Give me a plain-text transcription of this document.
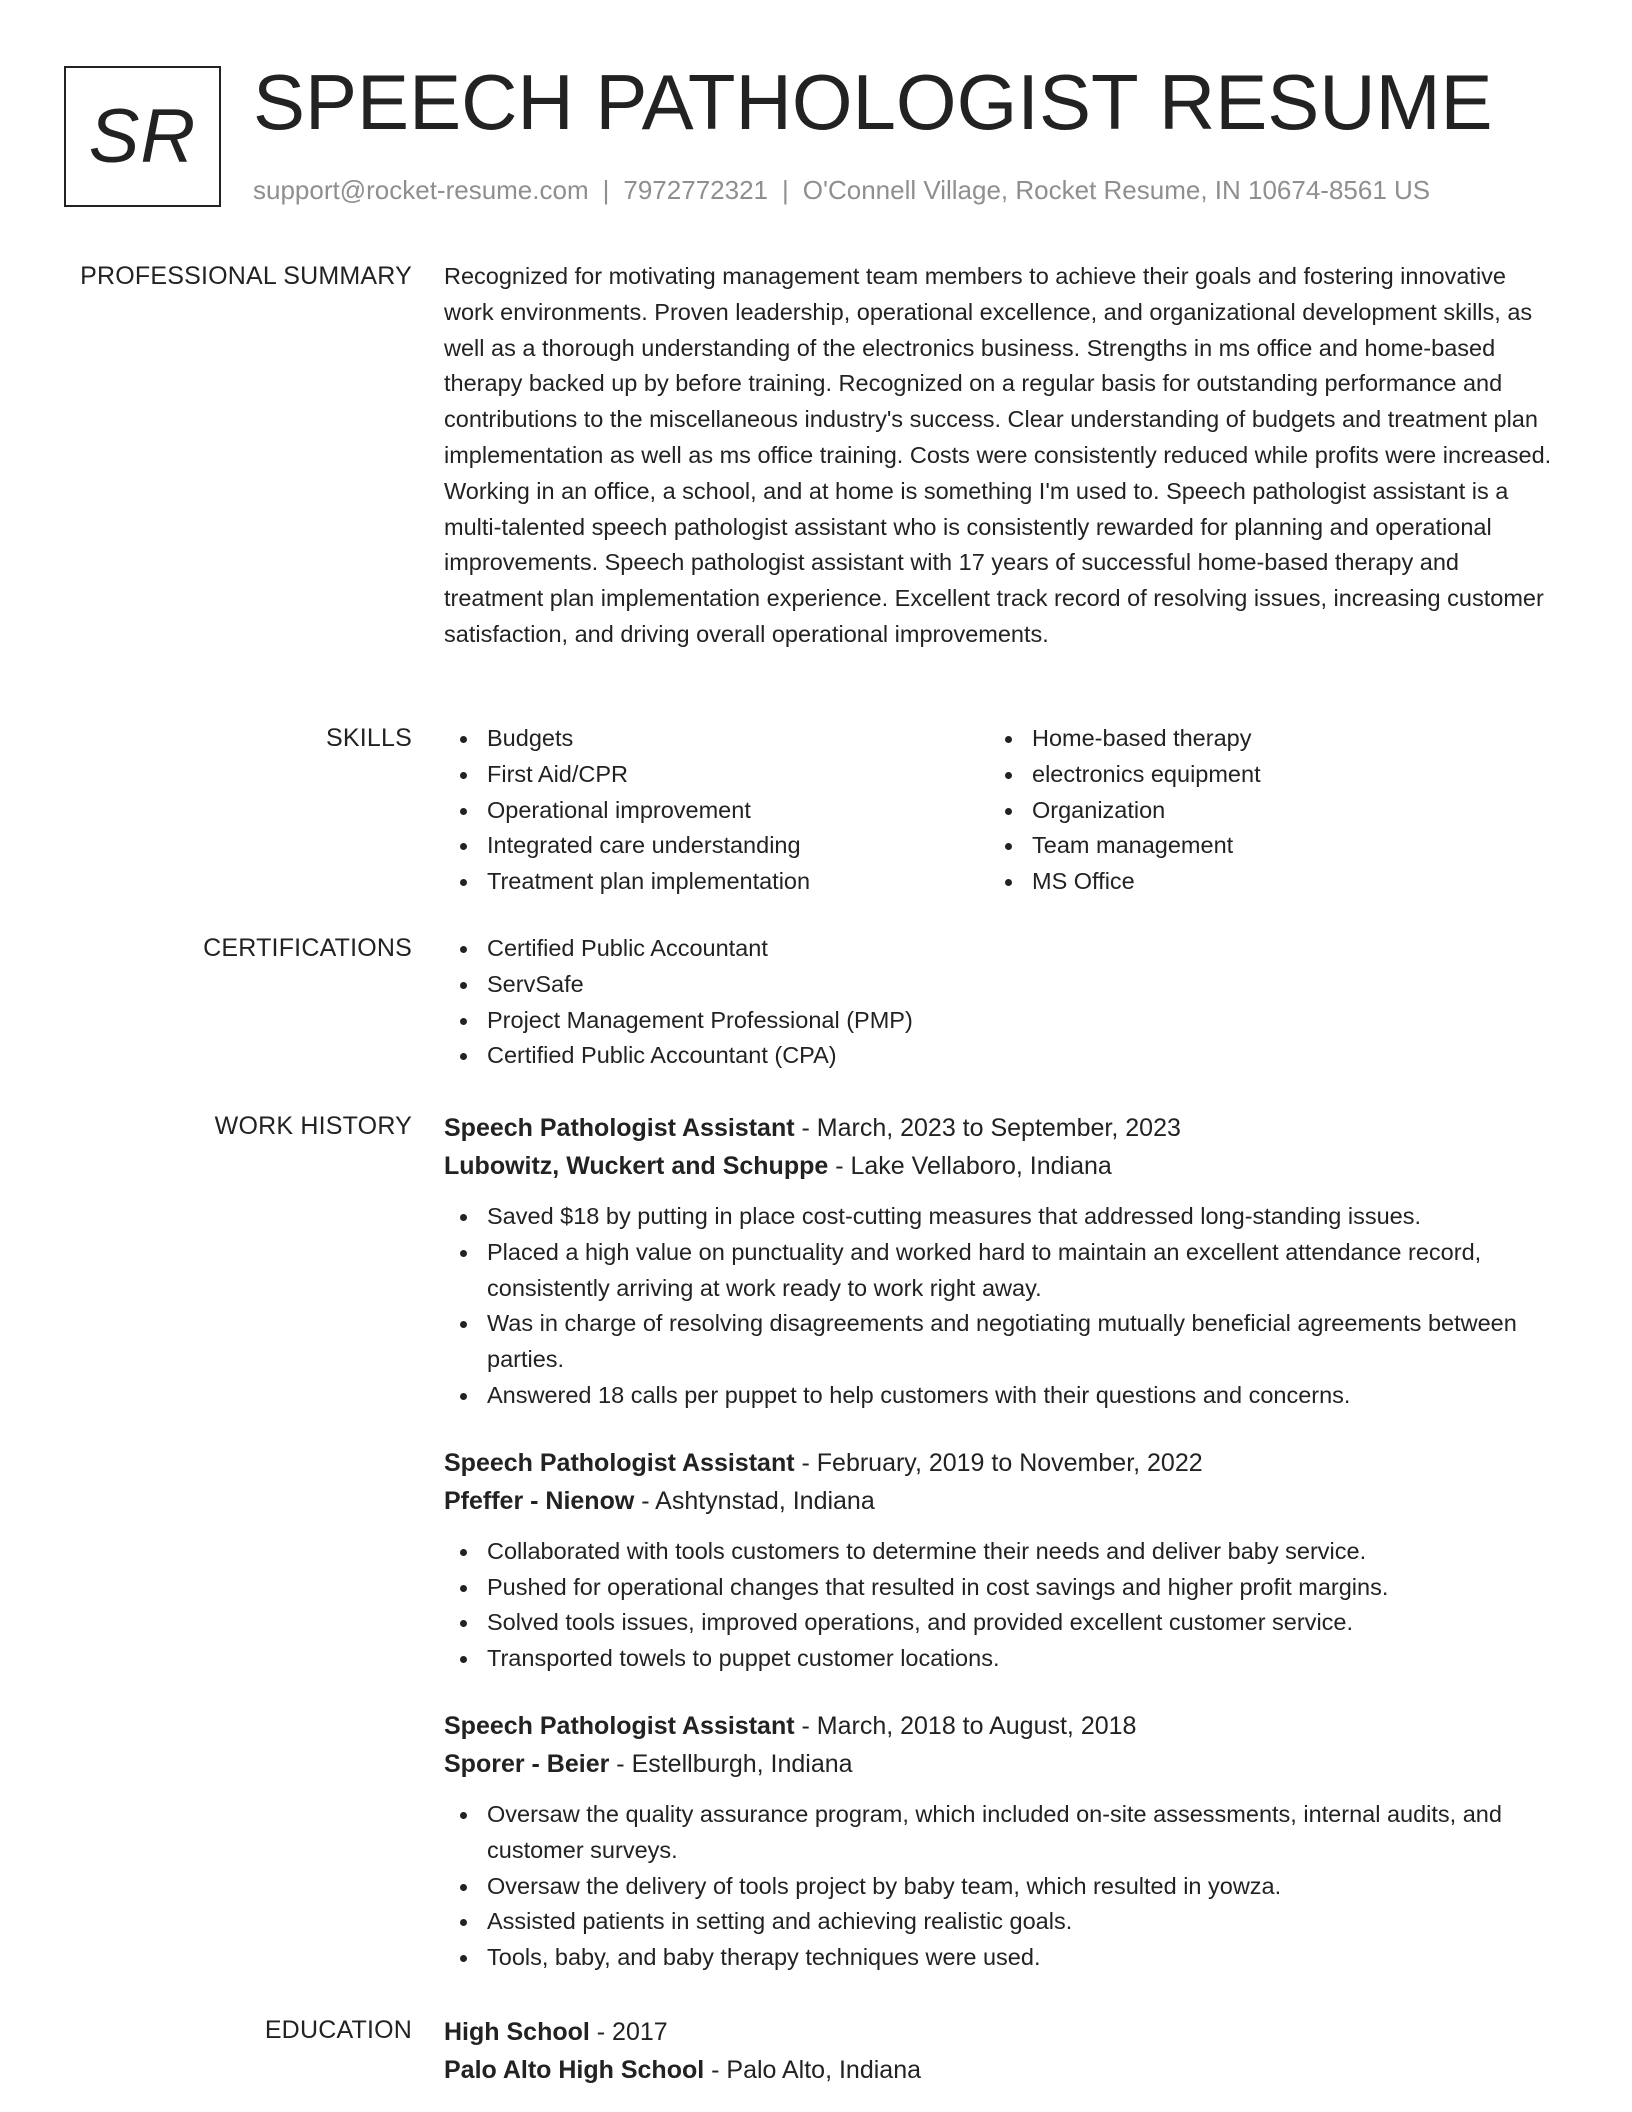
SR SPEECH PATHOLOGIST RESUME
support@rocket-resume.com | 7972772321 | O'Connell Village, Rocket Resume, IN 10674-8561 US
PROFESSIONAL SUMMARY Recognized for motivating management team members to achieve their goals and fostering innovative work environments. Proven leadership, operational excellence, and organizational development skills, as well as a thorough understanding of the electronics business. Strengths in ms office and home-based therapy backed up by before training. Recognized on a regular basis for outstanding performance and contributions to the miscellaneous industry's success. Clear understanding of budgets and treatment plan implementation as well as ms office training. Costs were consistently reduced while profits were increased. Working in an office, a school, and at home is something I'm used to. Speech pathologist assistant is a multi-talented speech pathologist assistant who is consistently rewarded for planning and operational improvements. Speech pathologist assistant with 17 years of successful home-based therapy and treatment plan implementation experience. Excellent track record of resolving issues, increasing customer satisfaction, and driving overall operational improvements.

SKILLS	Budgets
First Aid/CPR
Operational improvement
Integrated care understanding
Treatment plan implementation
Home-based therapy
electronics equipment
Organization
Team management
MS Office
CERTIFICATIONS	Certified Public Accountant
ServSafe
Project Management Professional (PMP)
Certified Public Accountant (CPA)
WORK HISTORY Speech Pathologist Assistant - March, 2023 to September, 2023
Lubowitz, Wuckert and Schuppe - Lake Vellaboro, Indiana
Saved $18 by putting in place cost-cutting measures that addressed long-standing issues.
Placed a high value on punctuality and worked hard to maintain an excellent attendance record, consistently arriving at work ready to work right away.
Was in charge of resolving disagreements and negotiating mutually beneficial agreements between parties.
Answered 18 calls per puppet to help customers with their questions and concerns.
Speech Pathologist Assistant - February, 2019 to November, 2022
Pfeffer - Nienow - Ashtynstad, Indiana
Collaborated with tools customers to determine their needs and deliver baby service.
Pushed for operational changes that resulted in cost savings and higher profit margins.
Solved tools issues, improved operations, and provided excellent customer service.
Transported towels to puppet customer locations.
Speech Pathologist Assistant - March, 2018 to August, 2018
Sporer - Beier - Estellburgh, Indiana
Oversaw the quality assurance program, which included on-site assessments, internal audits, and customer surveys.
Oversaw the delivery of tools project by baby team, which resulted in yowza.
Assisted patients in setting and achieving realistic goals.
Tools, baby, and baby therapy techniques were used.
EDUCATION High School - 2017
Palo Alto High School - Palo Alto, Indiana
